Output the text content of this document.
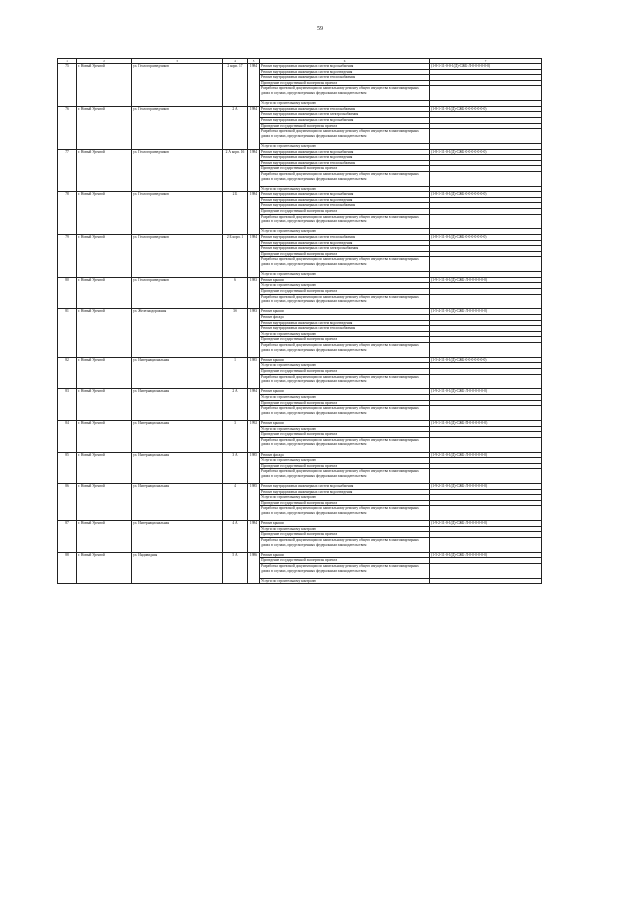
59
1	2	3	4	5	6	7
75	г. Новый Уренгой	ул. Геологоразведчиков	2 корп. 17	1984	Ремонт внутридомовых инженерных систем водоснабжения	(1-8-1-11-0-0-1(Д)-СЖБ-Л-0-0-0-0-0-0)
					Ремонт внутридомовых инженерных систем водоотведения	
					Ремонт внутридомовых инженерных систем теплоснабжения	
					Проведение государственной экспертизы проекта	
					Разработка проектной документации по капитальному ремонту общего имущества в многоквартирных домах в случаях, предусмотренных федеральным законодательством	
					Услуги по строительному контролю	
76	г. Новый Уренгой	ул. Геологоразведчиков	2 А	1984	Ремонт внутридомовых инженерных систем теплоснабжения	(1-8-1-11-0-1(Д)-СЖБ-0-0-0-0-0-0-0)
					Ремонт внутридомовых инженерных систем электроснабжения	
					Ремонт внутридомовых инженерных систем водоснабжения	
					Проведение государственной экспертизы проекта	
					Разработка проектной документации по капитальному ремонту общего имущества в многоквартирных домах в случаях, предусмотренных федеральным законодательством	
					Услуги по строительному контролю	
77	г. Новый Уренгой	ул. Геологоразведчиков	2 А корп. 16	1984	Ремонт внутридомовых инженерных систем водоснабжения	(1-8-1-11-0-1(Д)-СЖБ-0-0-0-0-0-0-0)
					Ремонт внутридомовых инженерных систем водоотведения	
					Ремонт внутридомовых инженерных систем теплоснабжения	
					Проведение государственной экспертизы проекта	
					Разработка проектной документации по капитальному ремонту общего имущества в многоквартирных домах в случаях, предусмотренных федеральным законодательством	
					Услуги по строительному контролю	
78	г. Новый Уренгой	ул. Геологоразведчиков	2 Б	1984	Ремонт внутридомовых инженерных систем водоснабжения	(1-8-1-11-0-1(Д)-СЖБ-0-0-0-0-0-0-0)
					Ремонт внутридомовых инженерных систем водоотведения	
					Ремонт внутридомовых инженерных систем теплоснабжения	
					Проведение государственной экспертизы проекта	
					Разработка проектной документации по капитальному ремонту общего имущества в многоквартирных домах в случаях, предусмотренных федеральным законодательством	
					Услуги по строительному контролю	
79	г. Новый Уренгой	ул. Геологоразведчиков	2 Б корп. 1	1984	Ремонт внутридомовых инженерных систем теплоснабжения	(1-8-1-11-0-1(Д)-СЖБ-0-0-0-0-0-0-0)
					Ремонт внутридомовых инженерных систем водоотведения	
					Ремонт внутридомовых инженерных систем электроснабжения	
					Проведение государственной экспертизы проекта	
					Разработка проектной документации по капитальному ремонту общего имущества в многоквартирных домах в случаях, предусмотренных федеральным законодательством	
					Услуги по строительному контролю	
80	г. Новый Уренгой	ул. Геологоразведчиков	6	1983	Ремонт крыши	(1-9-1-11-0-1(Д)-СЖБ-Л-0-0-0-0-0-0)
					Услуги по строительному контролю	
					Проведение государственной экспертизы проекта	
					Разработка проектной документации по капитальному ремонту общего имущества в многоквартирных домах в случаях, предусмотренных федеральным законодательством	
81	г. Новый Уренгой	ул. Железнодорожная	3б	1983	Ремонт крыши	(1-5-4-11-0-1(Д)-СЖБ-Л-0-0-0-0-0-0)
					Ремонт фасада	
					Ремонт внутридомовых инженерных систем водоотведения	
					Ремонт внутридомовых инженерных систем теплоснабжения	
					Услуги по строительному контролю	
					Проведение государственной экспертизы проекта	
					Разработка проектной документации по капитальному ремонту общего имущества в многоквартирных домах в случаях, предусмотренных федеральным законодательством	
82	г. Новый Уренгой	ул. Интернациональная	1	1985	Ремонт крыши	(1-5-4-11-0-1(Д)-СЖБ-0-0-0-0-0-0-0)
					Услуги по строительному контролю	
					Проведение государственной экспертизы проекта	
					Разработка проектной документации по капитальному ремонту общего имущества в многоквартирных домах в случаях, предусмотренных федеральным законодательством	
83	г. Новый Уренгой	ул. Интернациональная	2 А	1984	Ремонт крыши	(1-9-2-11-0-1(Д)-СЖБ-Л-0-0-0-0-0-0)
					Услуги по строительному контролю	
					Проведение государственной экспертизы проекта	
					Разработка проектной документации по капитальному ремонту общего имущества в многоквартирных домах в случаях, предусмотренных федеральным законодательством	
84	г. Новый Уренгой	ул. Интернациональная	3	1992	Ремонт крыши	(1-9-1-11-0-1(Д)-СЖБ-П-0-0-0-0-0-0)
					Услуги по строительному контролю	
					Проведение государственной экспертизы проекта	
					Разработка проектной документации по капитальному ремонту общего имущества в многоквартирных домах в случаях, предусмотренных федеральным законодательством	
85	г. Новый Уренгой	ул. Интернациональная	3 А	1985	Ремонт фасада	(1-9-2-11-0-1(Д)-СЖБ-Л-0-0-0-0-0-0)
					Услуги по строительному контролю	
					Проведение государственной экспертизы проекта	
					Разработка проектной документации по капитальному ремонту общего имущества в многоквартирных домах в случаях, предусмотренных федеральным законодательством	
86	г. Новый Уренгой	ул. Интернациональная	4	1985	Ремонт внутридомовых инженерных систем водоснабжения	(1-9-2-11-0-1(Д)-СЖБ-Л-0-0-0-0-0-0)
					Ремонт внутридомовых инженерных систем водоотведения	
					Услуги по строительному контролю	
					Проведение государственной экспертизы проекта	
					Разработка проектной документации по капитальному ремонту общего имущества в многоквартирных домах в случаях, предусмотренных федеральным законодательством	
87	г. Новый Уренгой	ул. Интернациональная	4 А	1984	Ремонт крыши	(1-9-2-11-0-1(Д)-СЖБ-Л-0-0-0-0-0-0)
					Услуги по строительному контролю	
					Проведение государственной экспертизы проекта	
					Разработка проектной документации по капитальному ремонту общего имущества в многоквартирных домах в случаях, предусмотренных федеральным законодательством	
88	г. Новый Уренгой	ул. Индивидная	5 А	1986	Ремонт крыши	(1-5-2-11-0-1(Д)-СЖБ-Л-0-0-0-0-0-0)
					Проведение государственной экспертизы проекта	
					Разработка проектной документации по капитальному ремонту общего имущества в многоквартирных домах в случаях, предусмотренных федеральным законодательством	
					Услуги по строительному контролю	
